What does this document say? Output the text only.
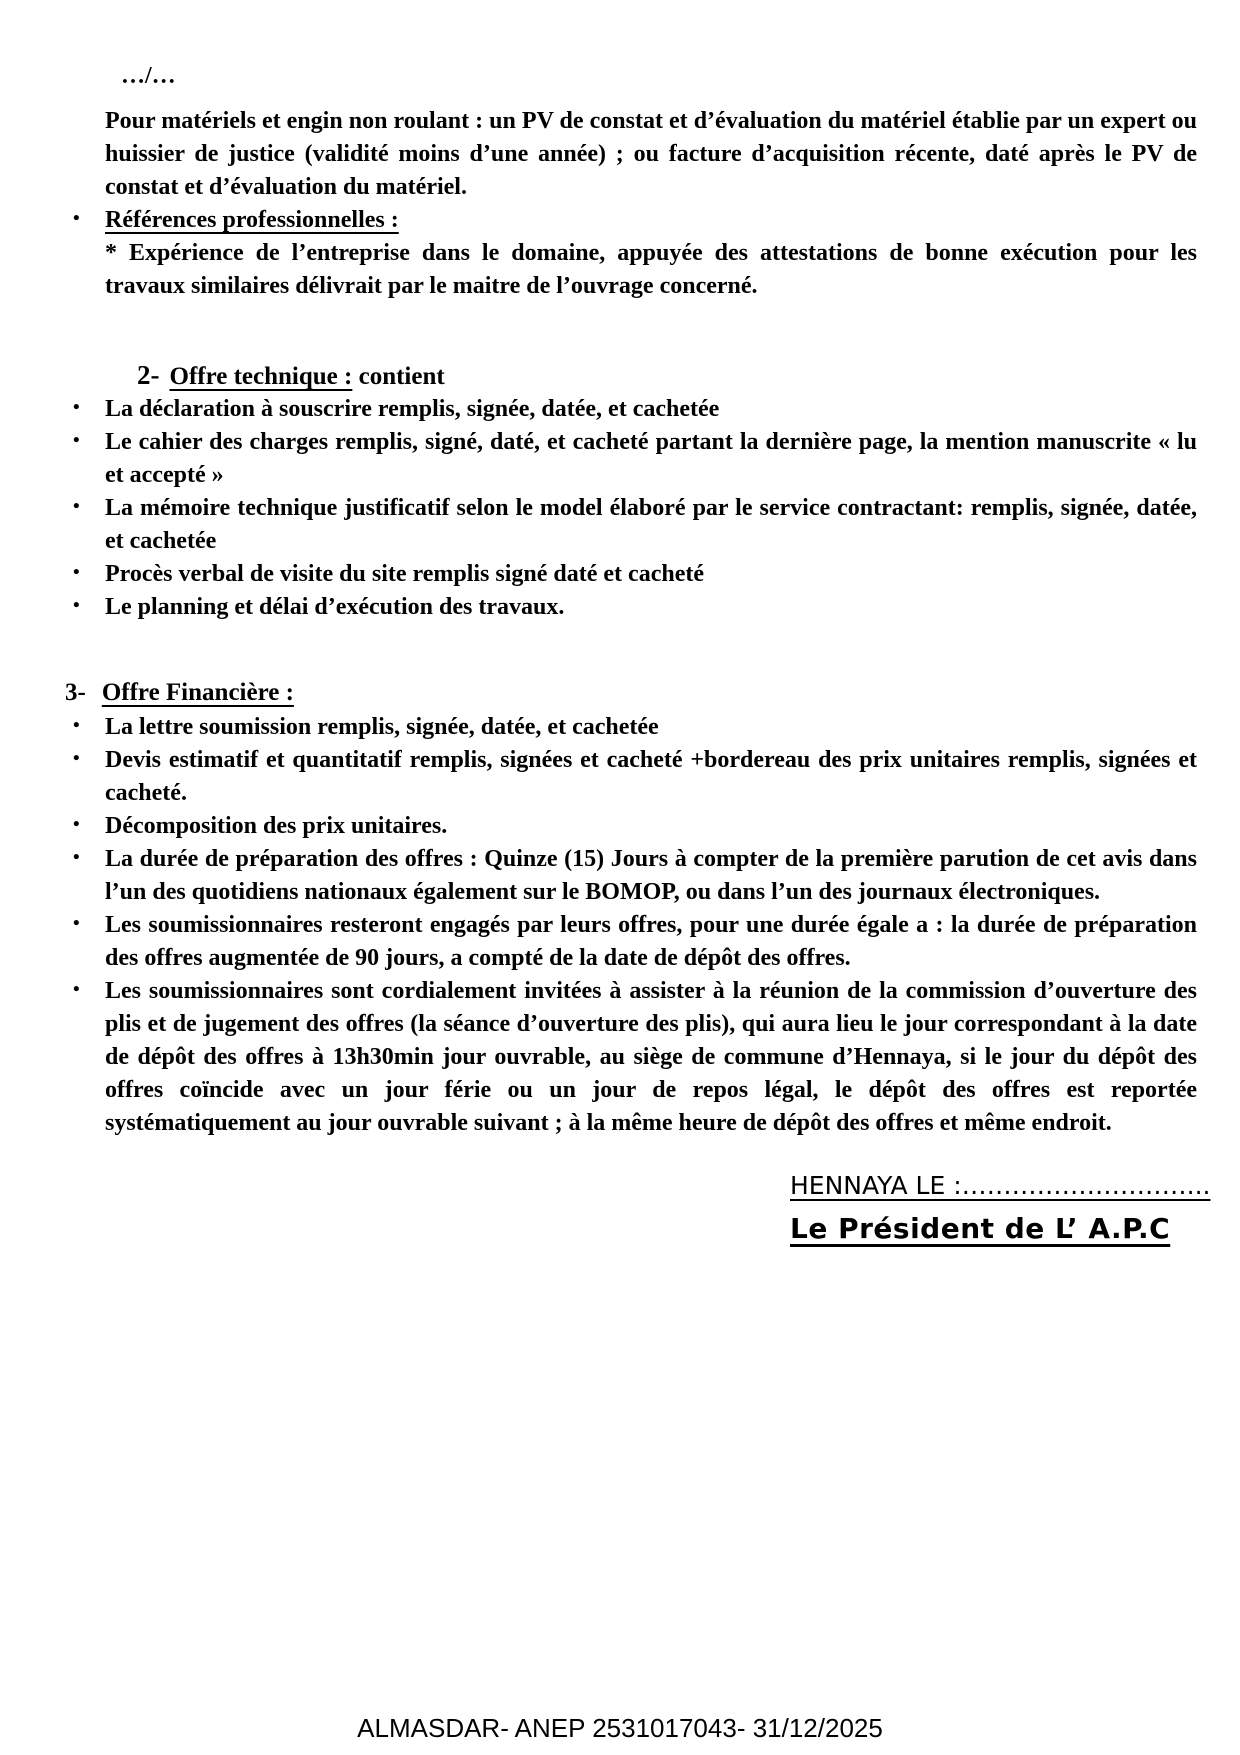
…/…

Pour matériels et engin non roulant : un PV de constat et d’évaluation du matériel établie par un expert ou huissier de justice (validité moins d’une année) ; ou facture d’acquisition récente, daté après le PV de constat et d’évaluation du matériel.

• Références professionnelles :

* Expérience de l’entreprise dans le domaine, appuyée des attestations de bonne exécution pour les travaux similaires délivrait par le maitre de l’ouvrage concerné.

2- Offre technique : contient

• La déclaration à souscrire remplis, signée, datée, et cachetée
• Le cahier des charges remplis, signé, daté, et cacheté partant la dernière page, la mention manuscrite « lu et accepté »
• La mémoire technique justificatif selon le model élaboré par le service contractant: remplis, signée, datée, et cachetée
• Procès verbal de visite du site remplis signé daté et cacheté
• Le planning et délai d’exécution des travaux.

3- Offre Financière :

• La lettre soumission remplis, signée, datée, et cachetée
• Devis estimatif et quantitatif remplis, signées et cacheté +bordereau des prix unitaires remplis, signées et cacheté.
• Décomposition des prix unitaires.
• La durée de préparation des offres : Quinze (15) Jours à compter de la première parution de cet avis dans l’un des quotidiens nationaux également sur le BOMOP, ou dans l’un des journaux électroniques.
• Les soumissionnaires resteront engagés par leurs offres, pour une durée égale a : la durée de préparation des offres augmentée de 90 jours, a compté de la date de dépôt des offres.
• Les soumissionnaires sont cordialement invitées à assister à la réunion de la commission d’ouverture des plis et de jugement des offres (la séance d’ouverture des plis), qui aura lieu le jour correspondant à la date de dépôt des offres à 13h30min jour ouvrable, au siège de commune d’Hennaya, si le jour du dépôt des offres coïncide avec un jour férie ou un jour de repos légal, le dépôt des offres est reportée systématiquement au jour ouvrable suivant ; à la même heure de dépôt des offres et même endroit.
HENNAYA LE :………………………...
Le Président de L’ A.P.C
ALMASDAR- ANEP 2531017043- 31/12/2025
